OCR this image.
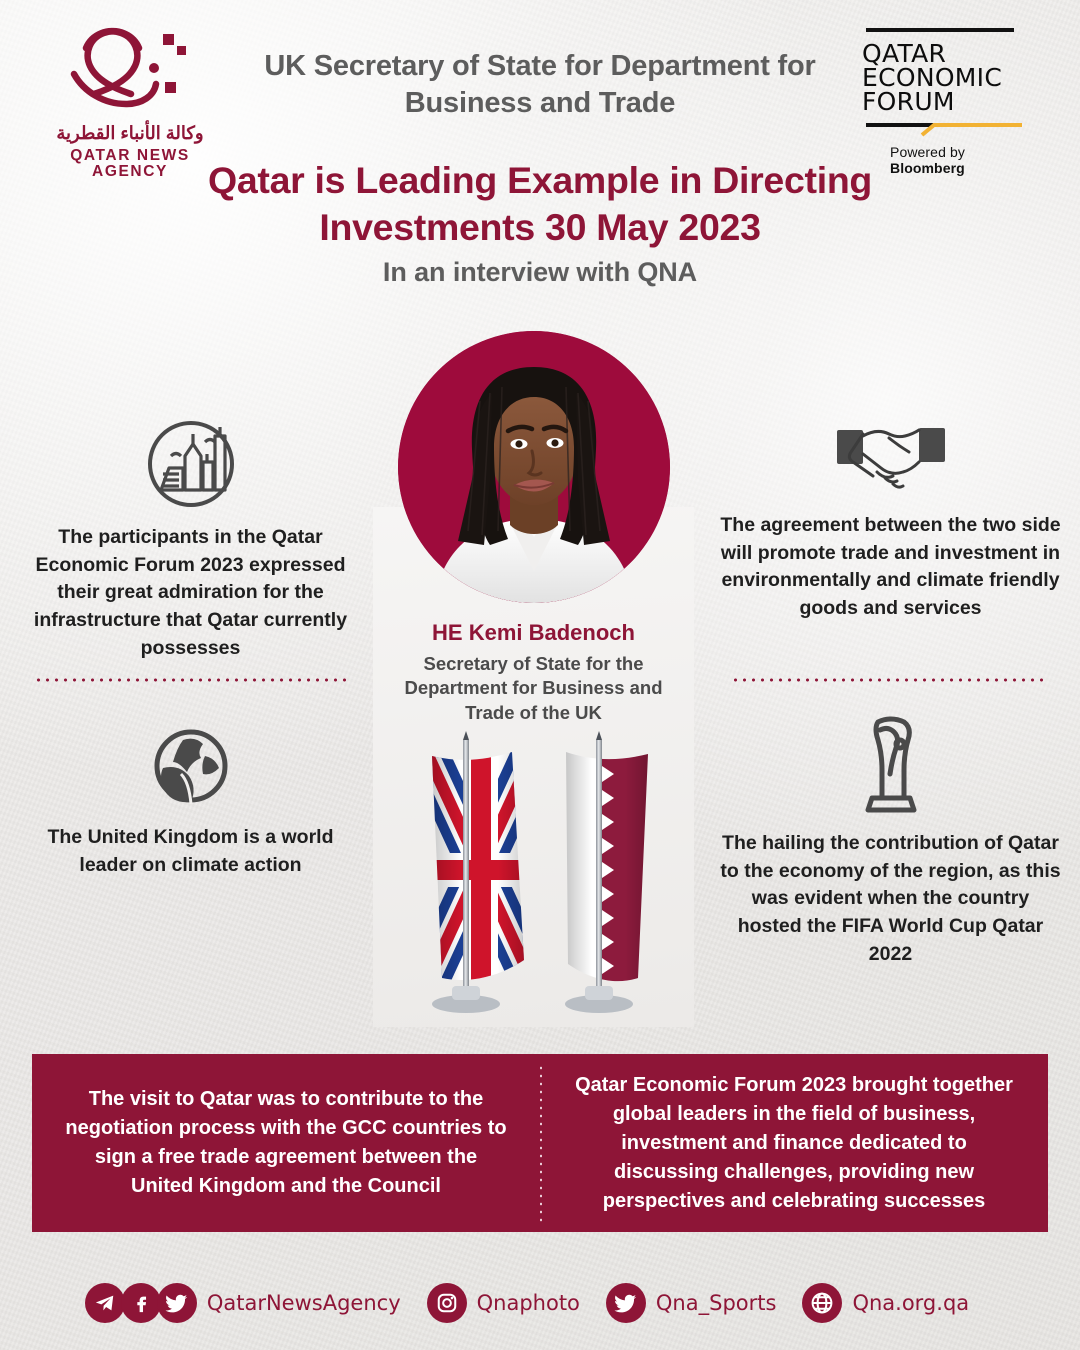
وكالة الأنباء القطرية
QATAR NEWS AGENCY
QATAR
ECONOMIC
FORUM
Powered by Bloomberg
UK Secretary of State for Department for Business and Trade
Qatar is Leading Example in Directing Investments 30 May 2023
In an interview with QNA
HE Kemi Badenoch
Secretary of State for the Department for Business and Trade of the UK
The participants in the Qatar Economic Forum 2023 expressed their great admiration for the infrastructure that Qatar currently possesses
The agreement between the two side will promote trade and investment in environmentally and climate friendly goods and services
The United Kingdom is a world leader on climate action
The hailing the contribution of Qatar to the economy of the region, as this was evident when the country hosted the FIFA World Cup Qatar 2022
The visit to Qatar was to contribute to the negotiation process with the GCC countries to sign a free trade agreement between the United Kingdom and the Council
Qatar Economic Forum 2023 brought together global leaders in the field of business, investment and finance dedicated to discussing challenges, providing new perspectives and celebrating successes
QatarNewsAgency	Qnaphoto	Qna_Sports	Qna.org.qa
